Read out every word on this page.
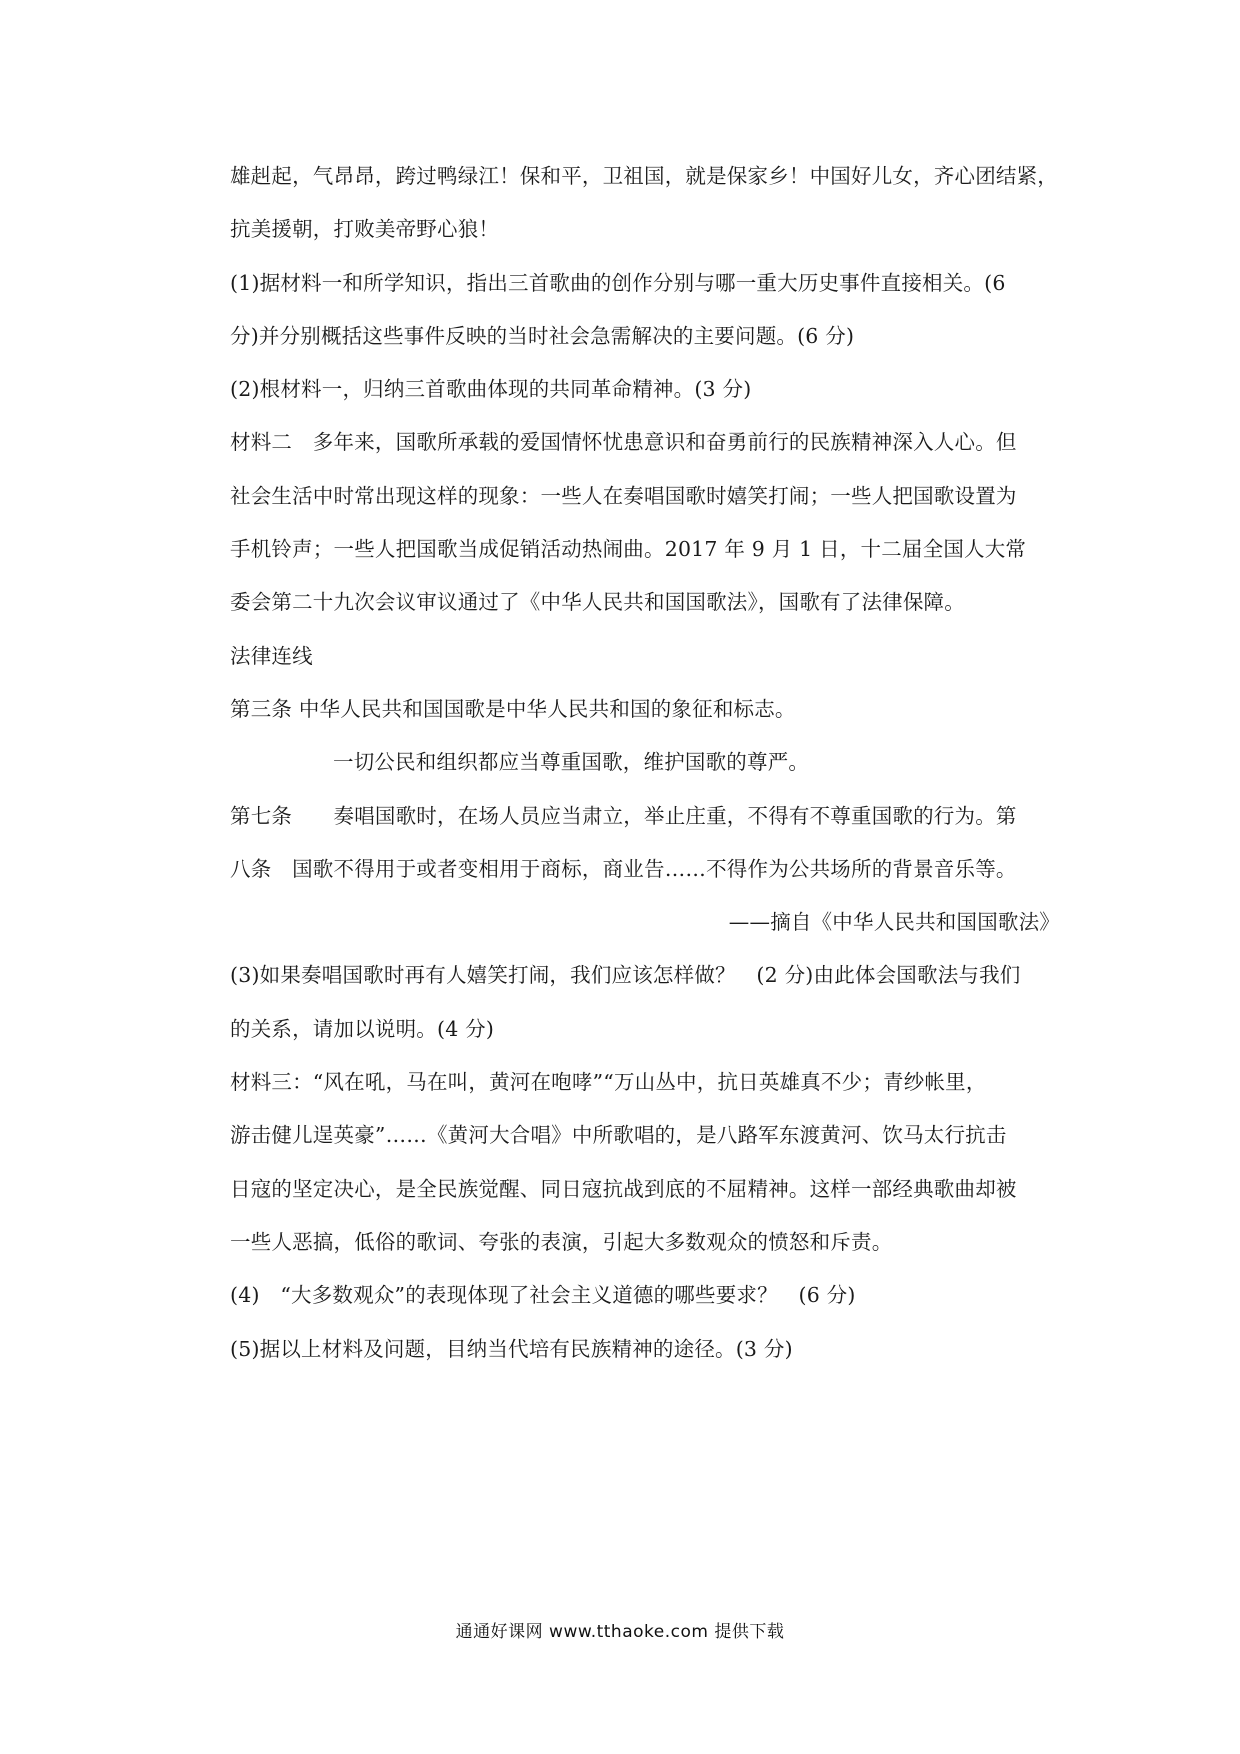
雄赳起，气昂昂，跨过鸭绿江！保和平，卫祖国，就是保家乡！中国好儿女，齐心团结紧，
抗美援朝，打败美帝野心狼！
(1)据材料一和所学知识，指出三首歌曲的创作分别与哪一重大历史事件直接相关。(6
分)并分别概括这些事件反映的当时社会急需解决的主要问题。(6 分)
(2)根材料一，归纳三首歌曲体现的共同革命精神。(3 分)
材料二　多年来，国歌所承载的爱国情怀忧患意识和奋勇前行的民族精神深入人心。但
社会生活中时常出现这样的现象：一些人在奏唱国歌时嬉笑打闹；一些人把国歌设置为
手机铃声；一些人把国歌当成促销活动热闹曲。2017 年 9 月 1 日，十二届全国人大常
委会第二十九次会议审议通过了《中华人民共和国国歌法》，国歌有了法律保障。
法律连线
第三条 中华人民共和国国歌是中华人民共和国的象征和标志。
一切公民和组织都应当尊重国歌，维护国歌的尊严。
第七条　　奏唱国歌时，在场人员应当肃立，举止庄重，不得有不尊重国歌的行为。第
八条　国歌不得用于或者变相用于商标，商业告……不得作为公共场所的背景音乐等。
——摘自《中华人民共和国国歌法》
(3)如果奏唱国歌时再有人嬉笑打闹，我们应该怎样做？　(2 分)由此体会国歌法与我们
的关系，请加以说明。(4 分)
材料三：“风在吼，马在叫，黄河在咆哮”“万山丛中，抗日英雄真不少；青纱帐里，
游击健儿逞英豪”……《黄河大合唱》中所歌唱的，是八路军东渡黄河、饮马太行抗击
日寇的坚定决心，是全民族觉醒、同日寇抗战到底的不屈精神。这样一部经典歌曲却被
一些人恶搞，低俗的歌词、夸张的表演，引起大多数观众的愤怒和斥责。
(4)　“大多数观众”的表现体现了社会主义道德的哪些要求？　(6 分)
(5)据以上材料及问题，目纳当代培有民族精神的途径。(3 分)
通通好课网 www.tthaoke.com 提供下载
